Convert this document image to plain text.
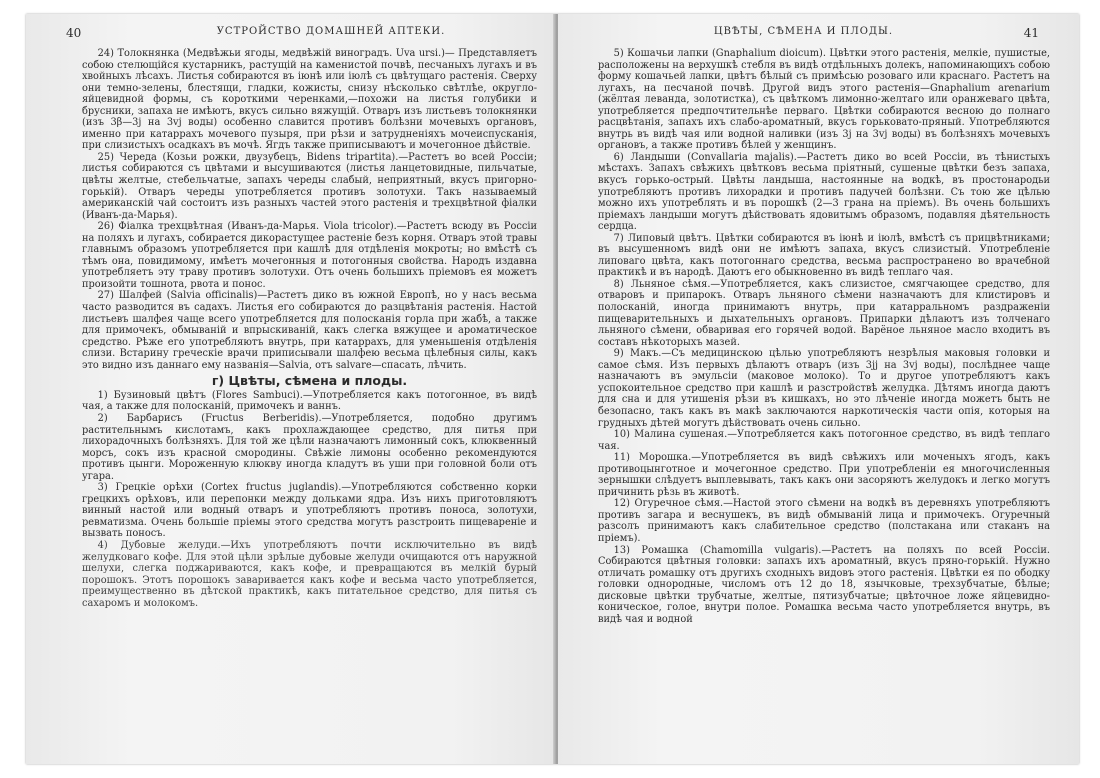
40	УСТРОЙСТВО ДОМАШНЕЙ АПТЕКИ.

24) Толокнянка (Медвѣжьи ягоды, медвѣжій виноградъ. Uva ursi.)— Представляетъ собою стелющійся кустарникъ, растущій на каменистой почвѣ, песчаныхъ лугахъ и въ хвойныхъ лѣсахъ. Листья собираются въ іюнѣ или іюлѣ съ цвѣтущаго растенія. Сверху они темно-зелены, блестящи, гладки, кожисты, снизу нѣсколько свѣтлѣе, округло-яйцевидной формы, съ короткими черенками,—похожи на листья голубики и брусники, запаха не имѣютъ, вкусъ сильно вяжущій. Отваръ изъ листьевъ толокнянки (изъ 3β—3j на 3vj воды) особенно славится противъ болѣзни мочевыхъ органовъ, именно при катаррахъ мочевого пузыря, при рѣзи и затрудненіяхъ мочеиспусканія, при слизистыхъ осадкахъ въ мочѣ. Ягдъ также приписываютъ и мочегонное дѣйствіе.

25) Череда (Козьи рожки, двузубецъ, Bidens tripartita).—Растетъ во всей Россіи; листья собираются съ цвѣтами и высушиваются (листья ланцетовидные, пильчатые, цвѣты желтые, стебельчатые, запахъ череды слабый, неприятный, вкусъ пригорно-горькій). Отваръ череды употребляется противъ золотухи. Такъ называемый американскій чай состоитъ изъ разныхъ частей этого растенія и трехцвѣтной фіалки (Иванъ-да-Марья).

26) Фіалка трехцвѣтная (Иванъ-да-Марья. Viola tricolor).—Растетъ всюду въ Россіи на поляхъ и лугахъ, собирается дикорастущее растеніе безъ корня. Отваръ этой травы главнымъ образомъ употребляется при кашлѣ для отдѣленія мокроты; но вмѣстѣ съ тѣмъ она, повидимому, имѣетъ мочегонныя и потогонныя свойства. Народъ издавна употребляетъ эту траву противъ золотухи. Отъ очень большихъ пріемовъ ея можетъ произойти тошнота, рвота и понос.

27) Шалфей (Salvia officinalis)—Растетъ дико въ южной Европѣ, но у насъ весьма часто разводится въ садахъ. Листья его собираются до разцвѣтанія растенія. Настой листьевъ шалфея чаще всего употребляется для полосканія горла при жабѣ, а также для примочекъ, обмываній и впрыскиваній, какъ слегка вяжущее и ароматическое средство. Рѣже его употребляютъ внутрь, при катаррахъ, для уменьшенія отдѣленія слизи. Встарину греческіе врачи приписывали шалфею весьма цѣлебныя силы, какъ это видно изъ даннаго ему названія—Salvia, отъ salvare—спасать, лѣчить.

г) Цвѣты, сѣмена и плоды.

1) Бузиновый цвѣтъ (Flores Sambuci).—Употребляется какъ потогонное, въ видѣ чая, а также для полосканій, примочекъ и ваннъ.

2) Барбарисъ (Fructus Berberidis).—Употребляется, подобно другимъ растительнымъ кислотамъ, какъ прохлаждающее средство, для питья при лихорадочныхъ болѣзняхъ. Для той же цѣли назначаютъ лимонный сокъ, клюквенный морсъ, сокъ изъ красной смородины. Свѣжіе лимоны особенно рекомендуются противъ цынги. Мороженную клюкву иногда кладутъ въ уши при головной боли отъ угара.

3) Грецкіе орѣхи (Cortex fructus juglandis).—Употребляются собственно корки грецкихъ орѣховъ, или перепонки между дольками ядра. Изъ нихъ приготовляютъ винный настой или водный отваръ и употребляютъ противъ поноса, золотухи, ревматизма. Очень большіе пріемы этого средства могутъ разстроить пищевареніе и вызвать поносъ.

4) Дубовые желуди.—Ихъ употребляютъ почти исключительно въ видѣ желудковаго кофе. Для этой цѣли зрѣлые дубовые желуди очищаются отъ наружной шелухи, слегка поджариваются, какъ кофе, и превращаются въ мелкій бурый порошокъ. Этотъ порошокъ заваривается какъ кофе и весьма часто употребляется, преимущественно въ дѣтской практикѣ, какъ питательное средство, для питья съ сахаромъ и молокомъ.

ЦВѢТЫ, СѢМЕНА И ПЛОДЫ.	41

5) Кошачьи лапки (Gnaphalium dioicum). Цвѣтки этого растенія, мелкіе, пушистые, расположены на верхушкѣ стебля въ видѣ отдѣльныхъ долекъ, напоминающихъ собою форму кошачьей лапки, цвѣтъ бѣлый съ примѣсью розоваго или краснаго. Растетъ на лугахъ, на песчаной почвѣ. Другой видъ этого растенія—Gnaphalium arenarium (жёлтая леванда, золотистка), съ цвѣткомъ лимонно-желтаго или оранжеваго цвѣта, употребляется предпочтительнѣе перваго. Цвѣтки собираются весною до полнаго расцвѣтанія, запахъ ихъ слабо-ароматный, вкусъ горьковато-пряный. Употребляются внутрь въ видѣ чая или водной наливки (изъ 3j на 3vj воды) въ болѣзняхъ мочевыхъ органовъ, а также противъ бѣлей у женщинъ.

6) Ландыши (Convallaria majalis).—Растетъ дико во всей Россіи, въ тѣнистыхъ мѣстахъ. Запахъ свѣжихъ цвѣтковъ весьма пріятный, сушеные цвѣтки безъ запаха, вкусъ горько-острый. Цвѣты ландыша, настоянные на водкѣ, въ простонародьи употребляютъ противъ лихорадки и противъ падучей болѣзни. Съ тою же цѣлью можно ихъ употреблять и въ порошкѣ (2—3 грана на пріемъ). Въ очень большихъ пріемахъ ландыши могутъ дѣйствовать ядовитымъ образомъ, подавляя дѣятельность сердца.

7) Липовый цвѣтъ. Цвѣтки собираются въ іюнѣ и іюлѣ, вмѣстѣ съ прицвѣтниками; въ высушенномъ видѣ они не имѣютъ запаха, вкусъ слизистый. Употребленіе липоваго цвѣта, какъ потогоннаго средства, весьма распространено во врачебной практикѣ и въ народѣ. Даютъ его обыкновенно въ видѣ теплаго чая.

8) Льняное сѣмя.—Употребляется, какъ слизистое, смягчающее средство, для отваровъ и припарокъ. Отваръ льняного сѣмени назначаютъ для клистировъ и полосканій, иногда принимаютъ внутрь, при катарральномъ раздраженіи пищеварительныхъ и дыхательныхъ органовъ. Припарки дѣлаютъ изъ толченаго льняного сѣмени, обваривая его горячей водой. Варёное льняное масло входитъ въ составъ нѣкоторыхъ мазей.

9) Макъ.—Съ медицинскою цѣлью употребляютъ незрѣлыя маковыя головки и самое сѣмя. Изъ первыхъ дѣлаютъ отваръ (изъ 3jj на 3vj воды), послѣднее чаще назначаютъ въ эмульсіи (маковое молоко). То и другое употребляютъ какъ успокоительное средство при кашлѣ и разстройствѣ желудка. Дѣтямъ иногда даютъ для сна и для утишенія рѣзи въ кишкахъ, но это лѣченіе иногда можетъ быть не безопасно, такъ какъ въ макѣ заключаются наркотическія части опія, которыя на грудныхъ дѣтей могутъ дѣйствовать очень сильно.

10) Малина сушеная.—Употребляется какъ потогонное средство, въ видѣ теплаго чая.

11) Морошка.—Употребляется въ видѣ свѣжихъ или моченыхъ ягодъ, какъ противоцынготное и мочегонное средство. При употребленіи ея многочисленныя зернышки слѣдуетъ выплевывать, такъ какъ они засоряютъ желудокъ и легко могутъ причинить рѣзь въ животѣ.

12) Огуречное сѣмя.—Настой этого сѣмени на водкѣ въ деревняхъ употребляютъ противъ загара и веснушекъ, въ видѣ обмываній лица и примочекъ. Огуречный разсолъ принимаютъ какъ слабительное средство (полстакана или стаканъ на пріемъ).

13) Ромашка (Chamomilla vulgaris).—Растетъ на поляхъ по всей Россіи. Собираются цвѣтныя головки: запахъ ихъ ароматный, вкусъ пряно-горькій. Нужно отличать ромашку отъ другихъ сходныхъ видовъ этого растенія. Цвѣтки ея по ободку головки однородные, числомъ отъ 12 до 18, язычковые, трехзубчатые, бѣлые; дисковые цвѣтки трубчатые, желтые, пятизубчатые; цвѣточное ложе яйцевидно-коническое, голое, внутри полое. Ромашка весьма часто употребляется внутрь, въ видѣ чая и водной
